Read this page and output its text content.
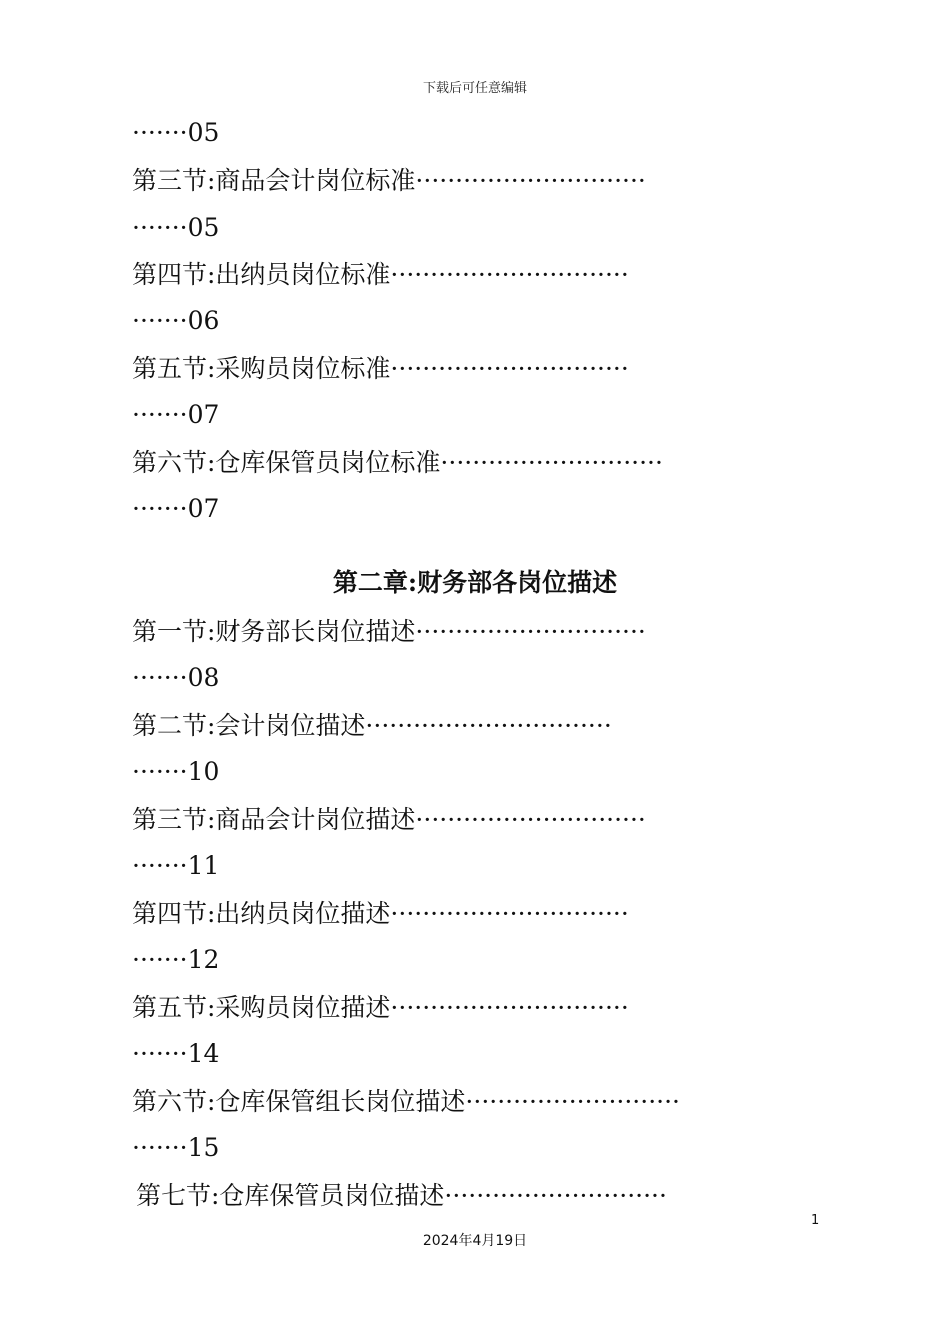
下载后可任意编辑
·······05
第三节:商品会计岗位标准·····························
·······05
第四节:出纳员岗位标准······························
·······06
第五节:采购员岗位标准······························
·······07
第六节:仓库保管员岗位标准····························
·······07
第二章:财务部各岗位描述
第一节:财务部长岗位描述·····························
·······08
第二节:会计岗位描述·······························
·······10
第三节:商品会计岗位描述·····························
·······11
第四节:出纳员岗位描述······························
·······12
第五节:采购员岗位描述······························
·······14
第六节:仓库保管组长岗位描述···························
·······15
第七节:仓库保管员岗位描述····························
1
2024年4月19日
